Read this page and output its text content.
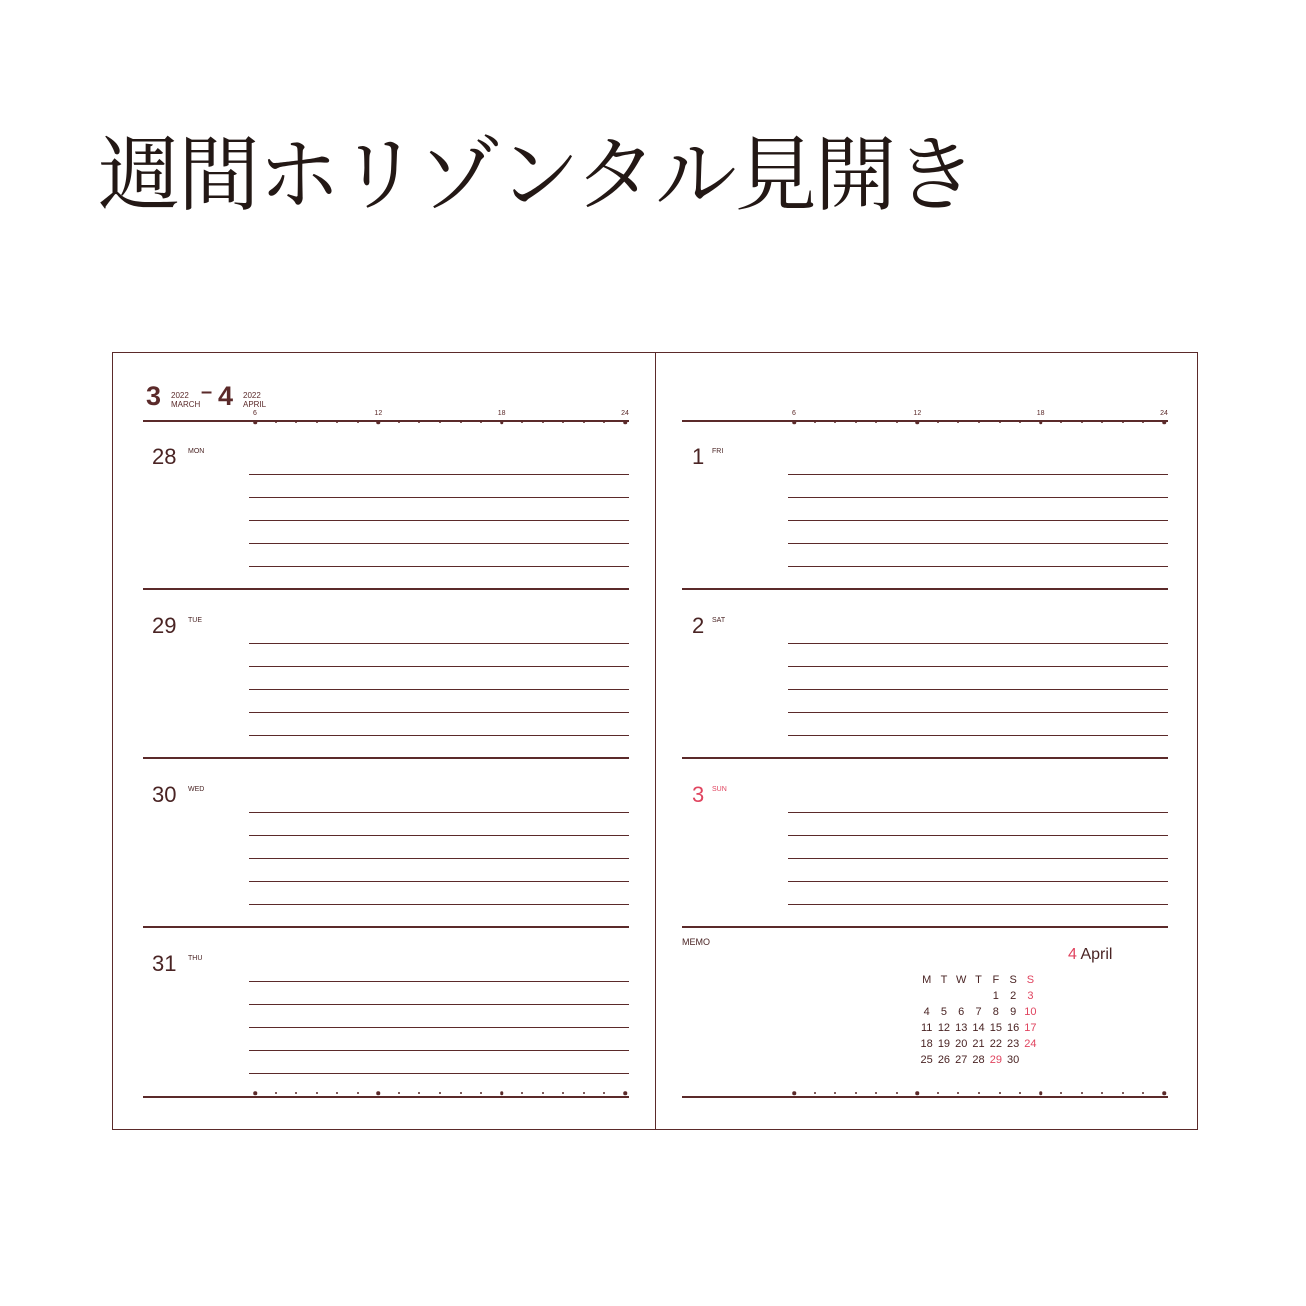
週間ホリゾンタル見開き
3 2022
MARCH
– 4 2022
APRIL
6	12	18	24
28 MON
29 TUE
30 WED
31 THU
6	12	18	24
1 FRI
2 SAT
3 SUN
MEMO
4 April
M	T	W	T	F	S	S
				1	2	3
4	5	6	7	8	9	10
11	12	13	14	15	16	17
18	19	20	21	22	23	24
25	26	27	28	29	30	
